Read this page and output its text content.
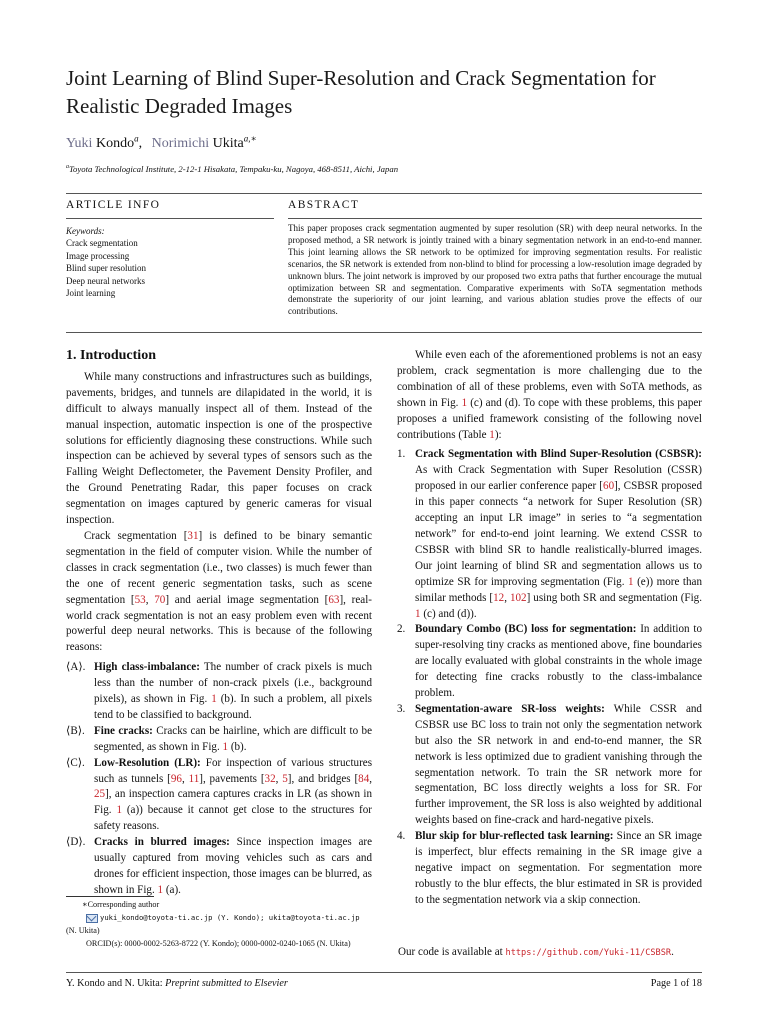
Joint Learning of Blind Super-Resolution and Crack Segmentation for Realistic Degraded Images
Yuki Kondo$^a$, Norimichi Ukita$^{a,∗}$
$^a$Toyota Technological Institute, 2-12-1 Hisakata, Tempaku-ku, Nagoya, 468-8511, Aichi, Japan
ARTICLE INFO	ABSTRACT
Keywords:
Crack segmentation
Image processing
Blind super resolution
Deep neural networks
Joint learning
This paper proposes crack segmentation augmented by super resolution (SR) with deep neural networks. In the proposed method, a SR network is jointly trained with a binary segmentation network in an end-to-end manner. This joint learning allows the SR network to be optimized for improving segmentation results. For realistic scenarios, the SR network is extended from non-blind to blind for processing a low-resolution image degraded by unknown blurs. The joint network is improved by our proposed two extra paths that further encourage the mutual optimization between SR and segmentation. Comparative experiments with SoTA segmentation methods demonstrate the superiority of our joint learning, and various ablation studies prove the effects of our contributions.
1. Introduction

While many constructions and infrastructures such as buildings, pavements, bridges, and tunnels are dilapidated in the world, it is difficult to always manually inspect all of them. Instead of the manual inspection, automatic inspection is one of the prospective solutions for efficiently diagnosing these constructions. While such inspection can be achieved by several types of sensors such as the Falling Weight Deflectometer, the Pavement Density Profiler, and the Ground Penetrating Radar, this paper focuses on crack segmentation on images captured by generic cameras for visual inspection.

Crack segmentation [31] is defined to be binary semantic segmentation in the field of computer vision. While the number of classes in crack segmentation (i.e., two classes) is much fewer than the one of recent generic segmentation tasks, such as scene segmentation [53, 70] and aerial image segmentation [63], real-world crack segmentation is not an easy problem even with recent powerful deep neural networks. This is because of the following reasons:

⟨A⟩. High class-imbalance: The number of crack pixels is much less than the number of non-crack pixels (i.e., background pixels), as shown in Fig. 1 (b). In such a problem, all pixels tend to be classified to background.
⟨B⟩. Fine cracks: Cracks can be hairline, which are difficult to be segmented, as shown in Fig. 1 (b).
⟨C⟩. Low-Resolution (LR): For inspection of various structures such as tunnels [96, 11], pavements [32, 5], and bridges [84, 25], an inspection camera captures cracks in LR (as shown in Fig. 1 (a)) because it cannot get close to the structures for safety reasons.
⟨D⟩. Cracks in blurred images: Since inspection images are usually captured from moving vehicles such as cars and drones for efficient inspection, those images can be blurred, as shown in Fig. 1 (a).
∗Corresponding author
yuki_kondo@toyota-ti.ac.jp (Y. Kondo); ukita@toyota-ti.ac.jp
(N. Ukita)
ORCID(s): 0000-0002-5263-8722 (Y. Kondo); 0000-0002-0240-1065 (N. Ukita)

While even each of the aforementioned problems is not an easy problem, crack segmentation is more challenging due to the combination of all of these problems, even with SoTA methods, as shown in Fig. 1 (c) and (d). To cope with these problems, this paper proposes a unified framework consisting of the following novel contributions (Table 1):

1. Crack Segmentation with Blind Super-Resolution (CSBSR): As with Crack Segmentation with Super Resolution (CSSR) proposed in our earlier conference paper [60], CSBSR proposed in this paper connects “a network for Super Resolution (SR) accepting an input LR image” in series to “a segmentation network” for end-to-end joint learning. We extend CSSR to CSBSR with blind SR to handle realistically-blurred images. Our joint learning of blind SR and segmentation allows us to optimize SR for improving segmentation (Fig. 1 (e)) more than similar methods [12, 102] using both SR and segmentation (Fig. 1 (c) and (d)).
2. Boundary Combo (BC) loss for segmentation: In addition to super-resolving tiny cracks as mentioned above, fine boundaries are locally evaluated with global constraints in the whole image for detecting fine cracks robustly to the class-imbalance problem.
3. Segmentation-aware SR-loss weights: While CSSR and CSBSR use BC loss to train not only the segmentation network but also the SR network in and end-to-end manner, the SR network is less optimized due to gradient vanishing through the segmentation network. To train the SR network more for segmentation, BC loss directly weights a loss for SR. For further improvement, the SR loss is also weighted by additional weights based on fine-crack and hard-negative pixels.
4. Blur skip for blur-reflected task learning: Since an SR image is imperfect, blur effects remaining in the SR image give a negative impact on segmentation. For segmentation more robustly to the blur effects, the blur estimated in SR is provided to the segmentation network via a skip connection.
Our code is available at https://github.com/Yuki-11/CSBSR.
Y. Kondo and N. Ukita: Preprint submitted to Elsevier	Page 1 of 18
